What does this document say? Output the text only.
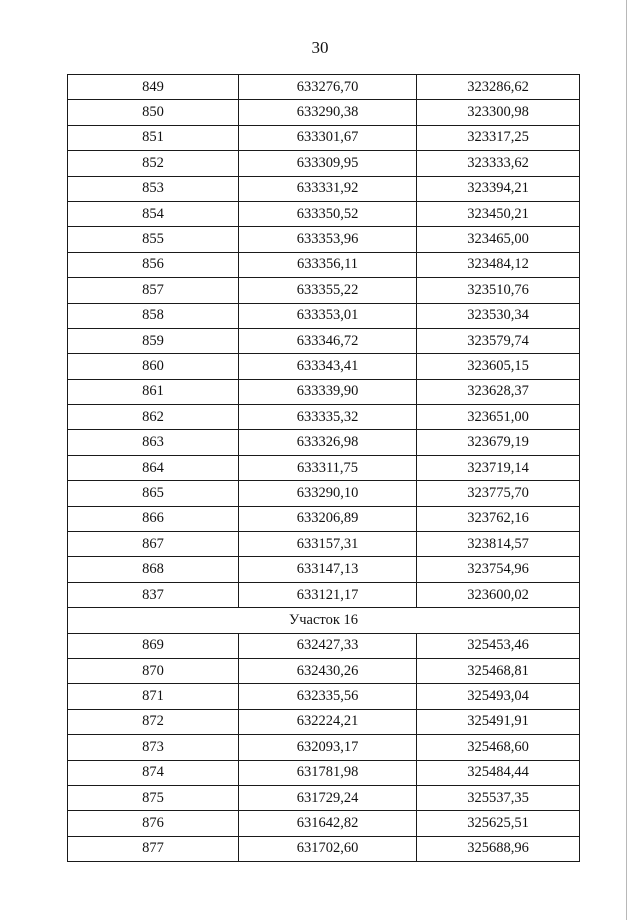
30
849	633276,70	323286,62
850	633290,38	323300,98
851	633301,67	323317,25
852	633309,95	323333,62
853	633331,92	323394,21
854	633350,52	323450,21
855	633353,96	323465,00
856	633356,11	323484,12
857	633355,22	323510,76
858	633353,01	323530,34
859	633346,72	323579,74
860	633343,41	323605,15
861	633339,90	323628,37
862	633335,32	323651,00
863	633326,98	323679,19
864	633311,75	323719,14
865	633290,10	323775,70
866	633206,89	323762,16
867	633157,31	323814,57
868	633147,13	323754,96
837	633121,17	323600,02
Участок 16		
869	632427,33	325453,46
870	632430,26	325468,81
871	632335,56	325493,04
872	632224,21	325491,91
873	632093,17	325468,60
874	631781,98	325484,44
875	631729,24	325537,35
876	631642,82	325625,51
877	631702,60	325688,96
